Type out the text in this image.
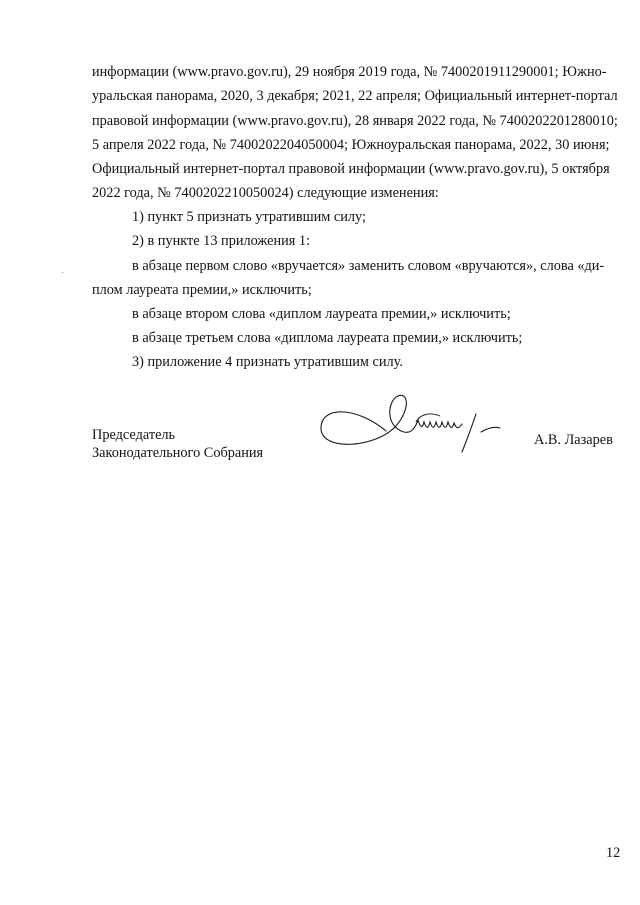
информации (www.pravo.gov.ru), 29 ноября 2019 года, № 7400201911290001; Южно-
уральская панорама, 2020, 3 декабря; 2021, 22 апреля; Официальный интернет-портал
правовой информации (www.pravo.gov.ru), 28 января 2022 года, № 7400202201280010;
5 апреля 2022 года, № 7400202204050004; Южноуральская панорама, 2022, 30 июня;
Официальный интернет-портал правовой информации (www.pravo.gov.ru), 5 октября
2022 года, № 7400202210050024) следующие изменения:
1) пункт 5 признать утратившим силу;
2) в пункте 13 приложения 1:
в абзаце первом слово «вручается» заменить словом «вручаются», слова «ди-
плом лауреата премии,» исключить;
в абзаце втором слова «диплом лауреата премии,» исключить;
в абзаце третьем слова «диплома лауреата премии,» исключить;
3) приложение 4 признать утратившим силу.
Председатель
Законодательного Собрания
А.В. Лазарев
12
